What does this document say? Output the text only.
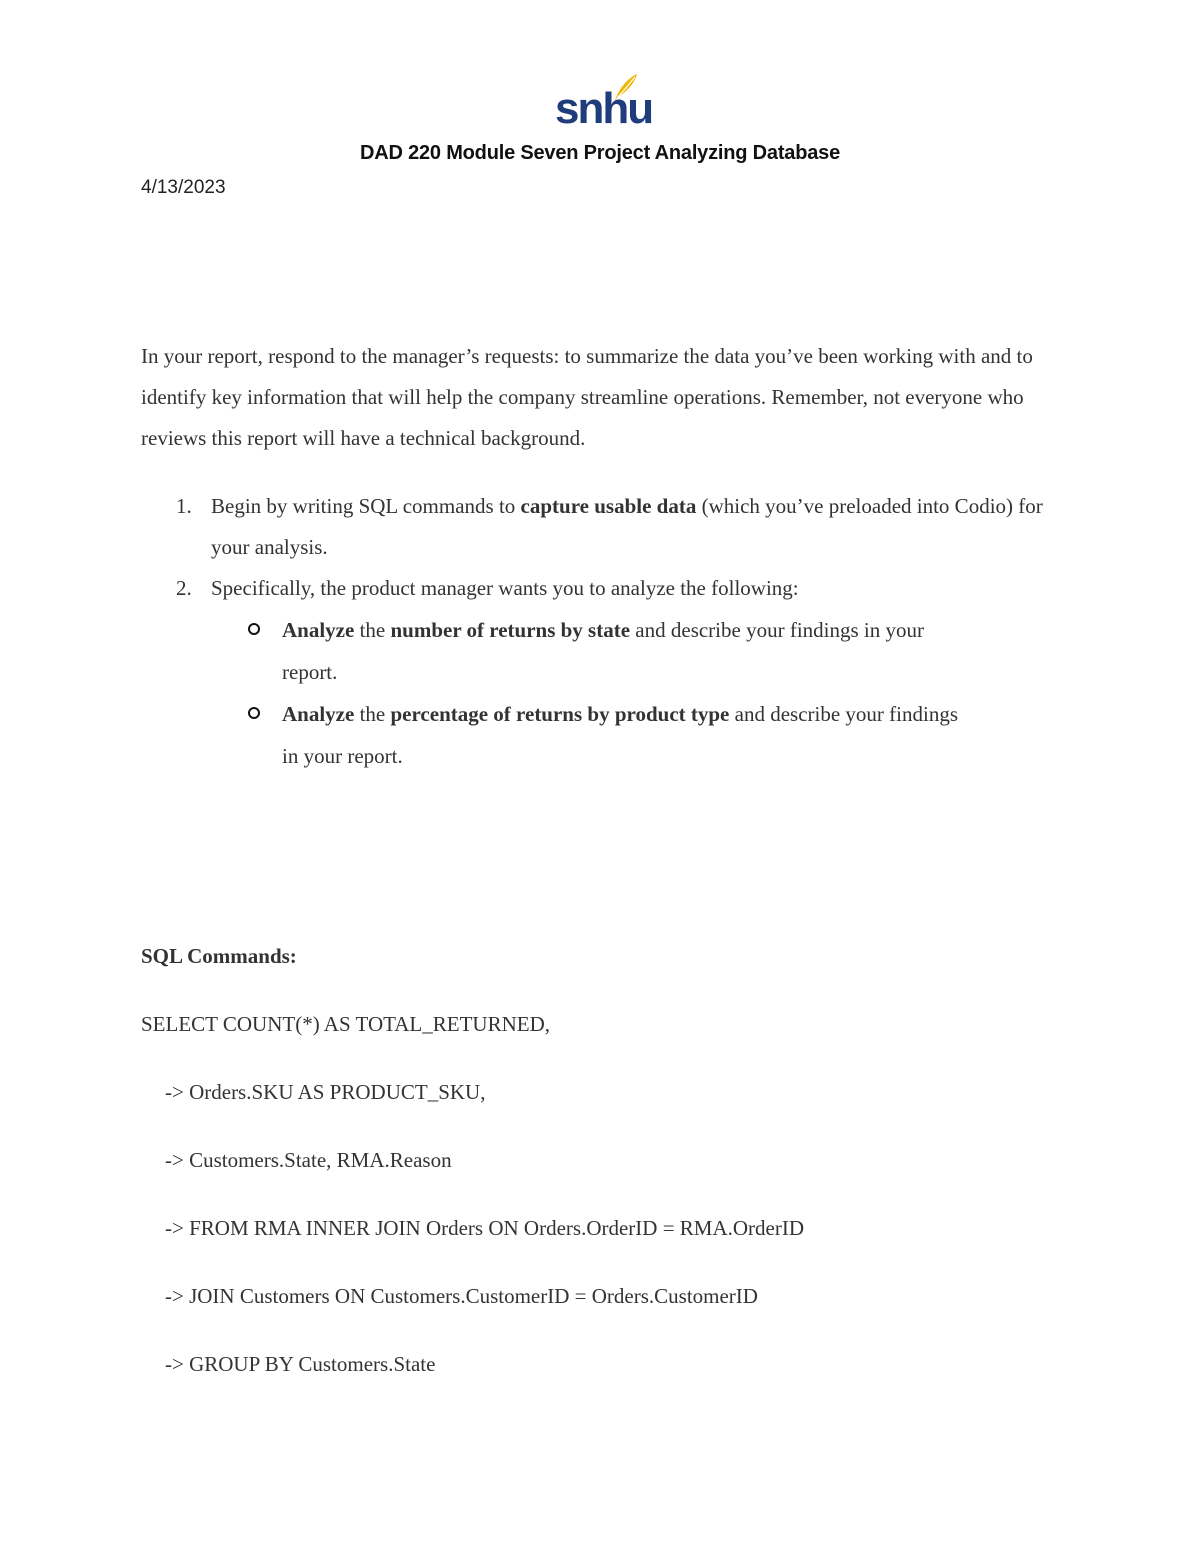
snhu
DAD 220 Module Seven Project Analyzing Database
4/13/2023

In your report, respond to the manager’s requests: to summarize the data you’ve been working with and to identify key information that will help the company streamline operations. Remember, not everyone who reviews this report will have a technical background.

1. Begin by writing SQL commands to capture usable data (which you’ve preloaded into Codio) for your analysis.
2. Specifically, the product manager wants you to analyze the following:
Analyze the number of returns by state and describe your findings in your report.
Analyze the percentage of returns by product type and describe your findings in your report.
SQL Commands:
SELECT COUNT(*) AS TOTAL_RETURNED,
-> Orders.SKU AS PRODUCT_SKU,
-> Customers.State, RMA.Reason
-> FROM RMA INNER JOIN Orders ON Orders.OrderID = RMA.OrderID
-> JOIN Customers ON Customers.CustomerID = Orders.CustomerID
-> GROUP BY Customers.State
